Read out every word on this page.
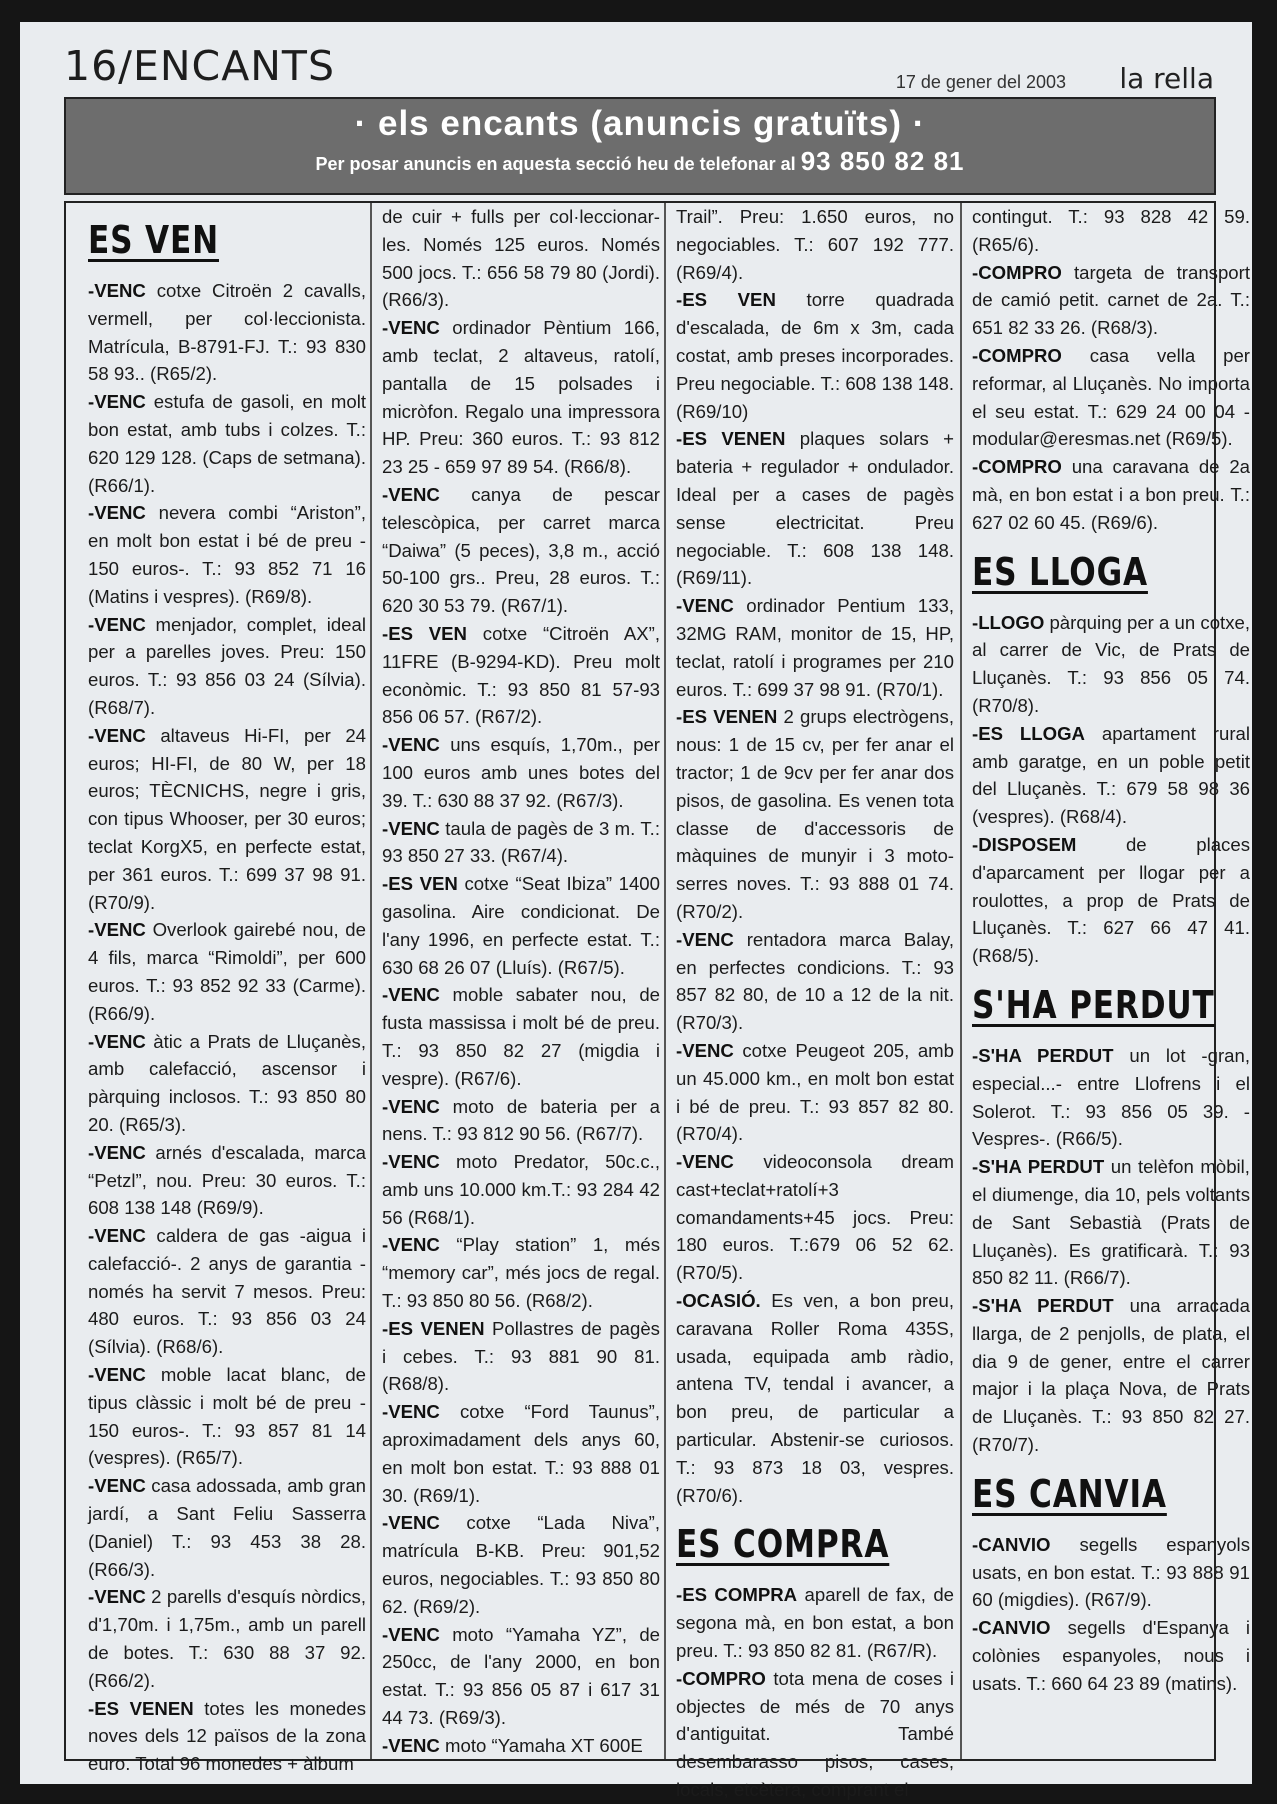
16/ENCANTS	17 de gener del 2003 la rella
· els encants (anuncis gratuïts) ·
Per posar anuncis en aquesta secció heu de telefonar al 93 850 82 81
ES VEN

-VENC cotxe Citroën 2 cavalls, vermell, per col·leccionista. Matrícula, B-8791-FJ. T.: 93 830 58 93.. (R65/2).

-VENC estufa de gasoli, en molt bon estat, amb tubs i colzes. T.: 620 129 128. (Caps de setmana). (R66/1).

-VENC nevera combi “Ariston”, en molt bon estat i bé de preu - 150 euros-. T.: 93 852 71 16 (Matins i vespres). (R69/8).

-VENC menjador, complet, ideal per a parelles joves. Preu: 150 euros. T.: 93 856 03 24 (Sílvia). (R68/7).

-VENC altaveus Hi-FI, per 24 euros; HI-FI, de 80 W, per 18 euros; TÈCNICHS, negre i gris, con tipus Whooser, per 30 euros; teclat KorgX5, en perfecte estat, per 361 euros. T.: 699 37 98 91. (R70/9).

-VENC Overlook gairebé nou, de 4 fils, marca “Rimoldi”, per 600 euros. T.: 93 852 92 33 (Carme).(R66/9).

-VENC àtic a Prats de Lluçanès, amb calefacció, ascensor i pàrquing inclosos. T.: 93 850 80 20. (R65/3).

-VENC arnés d'escalada, marca “Petzl”, nou. Preu: 30 euros. T.: 608 138 148 (R69/9).

-VENC caldera de gas -aigua i calefacció-. 2 anys de garantia - només ha servit 7 mesos. Preu: 480 euros. T.: 93 856 03 24 (Sílvia). (R68/6).

-VENC moble lacat blanc, de tipus clàssic i molt bé de preu - 150 euros-. T.: 93 857 81 14 (vespres). (R65/7).

-VENC casa adossada, amb gran jardí, a Sant Feliu Sasserra (Daniel) T.: 93 453 38 28. (R66/3).

-VENC 2 parells d'esquís nòrdics, d'1,70m. i 1,75m., amb un parell de botes. T.: 630 88 37 92. (R66/2).

-ES VENEN totes les monedes noves dels 12 països de la zona euro. Total 96 monedes + àlbum

de cuir + fulls per col·leccionar-les. Només 125 euros. Només 500 jocs. T.: 656 58 79 80 (Jordi). (R66/3).

-VENC ordinador Pèntium 166, amb teclat, 2 altaveus, ratolí, pantalla de 15 polsades i micròfon. Regalo una impressora HP. Preu: 360 euros. T.: 93 812 23 25 - 659 97 89 54. (R66/8).

-VENC canya de pescar telescòpica, per carret marca “Daiwa” (5 peces), 3,8 m., acció 50-100 grs.. Preu, 28 euros. T.: 620 30 53 79. (R67/1).

-ES VEN cotxe “Citroën AX”, 11FRE (B-9294-KD). Preu molt econòmic. T.: 93 850 81 57-93 856 06 57. (R67/2).

-VENC uns esquís, 1,70m., per 100 euros amb unes botes del 39. T.: 630 88 37 92. (R67/3).

-VENC taula de pagès de 3 m. T.: 93 850 27 33. (R67/4).

-ES VEN cotxe “Seat Ibiza” 1400 gasolina. Aire condicionat. De l'any 1996, en perfecte estat. T.: 630 68 26 07 (Lluís). (R67/5).

-VENC moble sabater nou, de fusta massissa i molt bé de preu. T.: 93 850 82 27 (migdia i vespre). (R67/6).

-VENC moto de bateria per a nens. T.: 93 812 90 56. (R67/7).

-VENC moto Predator, 50c.c., amb uns 10.000 km.T.: 93 284 42 56 (R68/1).

-VENC “Play station” 1, més “memory car”, més jocs de regal. T.: 93 850 80 56. (R68/2).

-ES VENEN Pollastres de pagès i cebes. T.: 93 881 90 81. (R68/8).

-VENC cotxe “Ford Taunus”, aproximadament dels anys 60, en molt bon estat. T.: 93 888 01 30. (R69/1).

-VENC cotxe “Lada Niva”, matrícula B-KB. Preu: 901,52 euros, negociables. T.: 93 850 80 62. (R69/2).

-VENC moto “Yamaha YZ”, de 250cc, de l'any 2000, en bon estat. T.: 93 856 05 87 i 617 31 44 73. (R69/3).

-VENC moto “Yamaha XT 600E

Trail”. Preu: 1.650 euros, no negociables. T.: 607 192 777. (R69/4).

-ES VEN torre quadrada d'escalada, de 6m x 3m, cada costat, amb preses incorporades. Preu negociable. T.: 608 138 148. (R69/10)

-ES VENEN plaques solars + bateria + regulador + ondulador. Ideal per a cases de pagès sense electricitat. Preu negociable. T.: 608 138 148. (R69/11).

-VENC ordinador Pentium 133, 32MG RAM, monitor de 15, HP, teclat, ratolí i programes per 210 euros. T.: 699 37 98 91. (R70/1).

-ES VENEN 2 grups electrògens, nous: 1 de 15 cv, per fer anar el tractor; 1 de 9cv per fer anar dos pisos, de gasolina. Es venen tota classe de d'accessoris de màquines de munyir i 3 moto-serres noves. T.: 93 888 01 74. (R70/2).

-VENC rentadora marca Balay, en perfectes condicions. T.: 93 857 82 80, de 10 a 12 de la nit. (R70/3).

-VENC cotxe Peugeot 205, amb un 45.000 km., en molt bon estat i bé de preu. T.: 93 857 82 80. (R70/4).

-VENC videoconsola dream cast+teclat+ratolí+3 comandaments+45 jocs. Preu: 180 euros. T.:679 06 52 62. (R70/5).

-OCASIÓ. Es ven, a bon preu, caravana Roller Roma 435S, usada, equipada amb ràdio, antena TV, tendal i avancer, a bon preu, de particular a particular. Abstenir-se curiosos. T.: 93 873 18 03, vespres. (R70/6).

ES COMPRA

-ES COMPRA aparell de fax, de segona mà, en bon estat, a bon preu. T.: 93 850 82 81. (R67/R).

-COMPRO tota mena de coses i objectes de més de 70 anys d'antiguitat. També desembarasso pisos, cases, locals, etcètera, comprant el

contingut. T.: 93 828 42 59. (R65/6).

-COMPRO targeta de transport de camió petit. carnet de 2a. T.: 651 82 33 26. (R68/3).

-COMPRO casa vella per reformar, al Lluçanès. No importa el seu estat. T.: 629 24 00 04 - modular@eresmas.net (R69/5).

-COMPRO una caravana de 2a mà, en bon estat i a bon preu. T.: 627 02 60 45. (R69/6).

ES LLOGA

-LLOGO pàrquing per a un cotxe, al carrer de Vic, de Prats de Lluçanès. T.: 93 856 05 74. (R70/8).

-ES LLOGA apartament rural amb garatge, en un poble petit del Lluçanès. T.: 679 58 98 36 (vespres). (R68/4).

-DISPOSEM	de places d'aparcament per llogar per a roulottes, a prop de Prats de Lluçanès. T.: 627 66 47 41. (R68/5).

S'HA PERDUT

-S'HA PERDUT un lot -gran, especial...- entre Llofrens i el Solerot. T.: 93 856 05 39. - Vespres-. (R66/5).

-S'HA PERDUT un telèfon mòbil, el diumenge, dia 10, pels voltants de Sant Sebastià (Prats de Lluçanès). Es gratificarà. T.: 93 850 82 11. (R66/7).

-S'HA PERDUT una arracada llarga, de 2 penjolls, de plata, el dia 9 de gener, entre el carrer major i la plaça Nova, de Prats de Lluçanès. T.: 93 850 82 27. (R70/7).

ES CANVIA

-CANVIO segells espanyols usats, en bon estat. T.: 93 888 91 60 (migdies). (R67/9).

-CANVIO segells d'Espanya i colònies espanyoles, nous i usats. T.: 660 64 23 89 (matins).
